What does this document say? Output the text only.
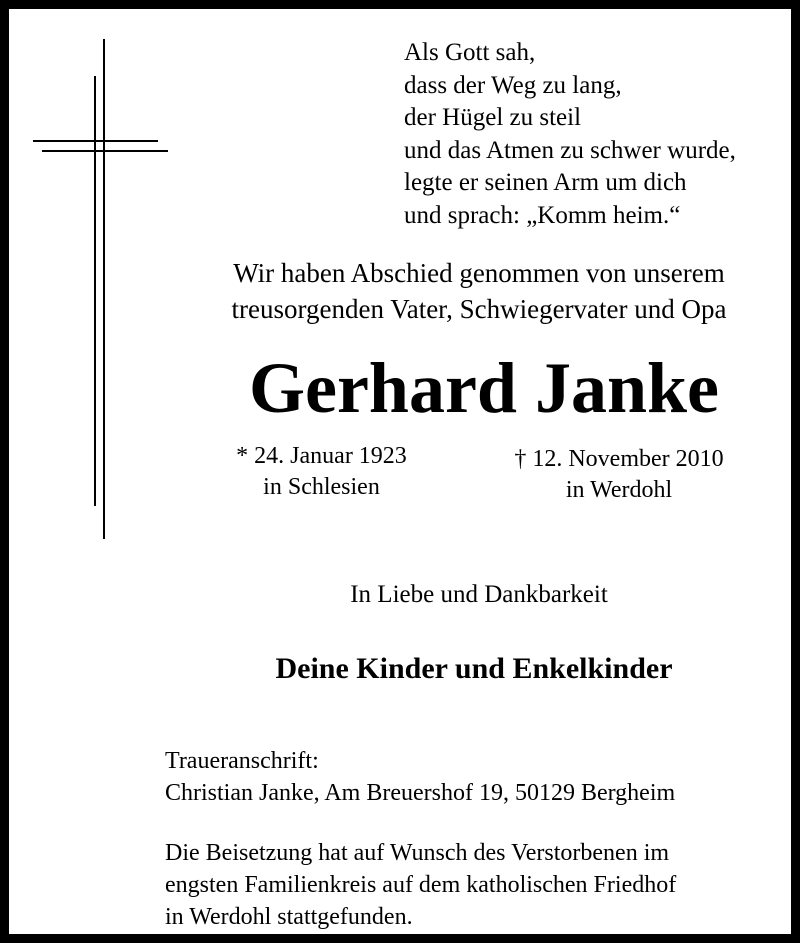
Als Gott sah,
dass der Weg zu lang,
der Hügel zu steil
und das Atmen zu schwer wurde,
legte er seinen Arm um dich
und sprach: „Komm heim.“
Wir haben Abschied genommen von unserem
treusorgenden Vater, Schwiegervater und Opa
Gerhard Janke
* 24. Januar 1923
in Schlesien
† 12. November 2010
in Werdohl
In Liebe und Dankbarkeit
Deine Kinder und Enkelkinder
Traueranschrift:
Christian Janke, Am Breuershof 19, 50129 Bergheim
Die Beisetzung hat auf Wunsch des Verstorbenen im
engsten Familienkreis auf dem katholischen Friedhof
in Werdohl stattgefunden.
